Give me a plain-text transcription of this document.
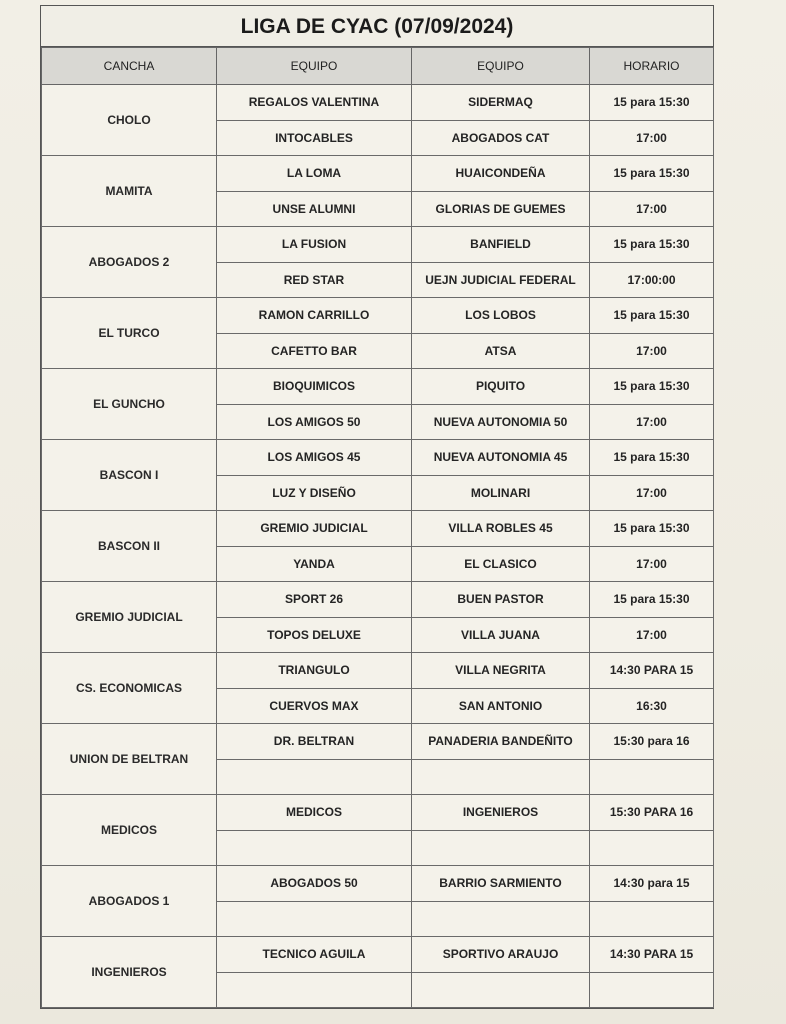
LIGA DE CYAC (07/09/2024)
CANCHA	EQUIPO	EQUIPO	HORARIO
CHOLO	REGALOS VALENTINA	SIDERMAQ	15 para 15:30
	INTOCABLES	ABOGADOS CAT	17:00
MAMITA	LA LOMA	HUAICONDEÑA	15 para 15:30
	UNSE ALUMNI	GLORIAS DE GUEMES	17:00
ABOGADOS 2	LA FUSION	BANFIELD	15 para 15:30
	RED STAR	UEJN JUDICIAL FEDERAL	17:00:00
EL TURCO	RAMON CARRILLO	LOS LOBOS	15 para 15:30
	CAFETTO BAR	ATSA	17:00
EL GUNCHO	BIOQUIMICOS	PIQUITO	15 para 15:30
	LOS AMIGOS 50	NUEVA AUTONOMIA 50	17:00
BASCON I	LOS AMIGOS 45	NUEVA AUTONOMIA 45	15 para 15:30
	LUZ Y DISEÑO	MOLINARI	17:00
BASCON II	GREMIO JUDICIAL	VILLA ROBLES 45	15 para 15:30
	YANDA	EL CLASICO	17:00
GREMIO JUDICIAL	SPORT 26	BUEN PASTOR	15 para 15:30
	TOPOS DELUXE	VILLA JUANA	17:00
CS. ECONOMICAS	TRIANGULO	VILLA NEGRITA	14:30 PARA 15
	CUERVOS MAX	SAN ANTONIO	16:30
UNION DE BELTRAN	DR. BELTRAN	PANADERIA BANDEÑITO	15:30 para 16

MEDICOS	MEDICOS	INGENIEROS	15:30 PARA 16

ABOGADOS 1	ABOGADOS 50	BARRIO SARMIENTO	14:30 para 15

INGENIEROS	TECNICO AGUILA	SPORTIVO ARAUJO	14:30 PARA 15
